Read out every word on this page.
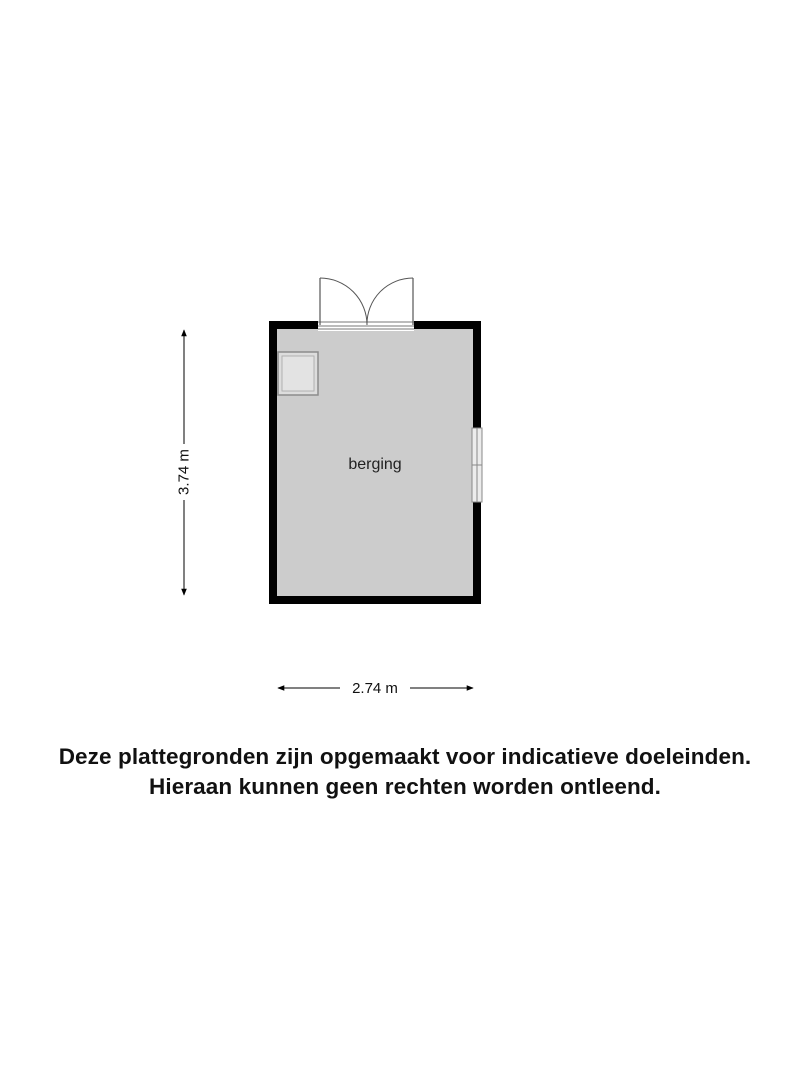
berging
3.74 m
2.74 m
Deze plattegronden zijn opgemaakt voor indicatieve doeleinden.
Hieraan kunnen geen rechten worden ontleend.
